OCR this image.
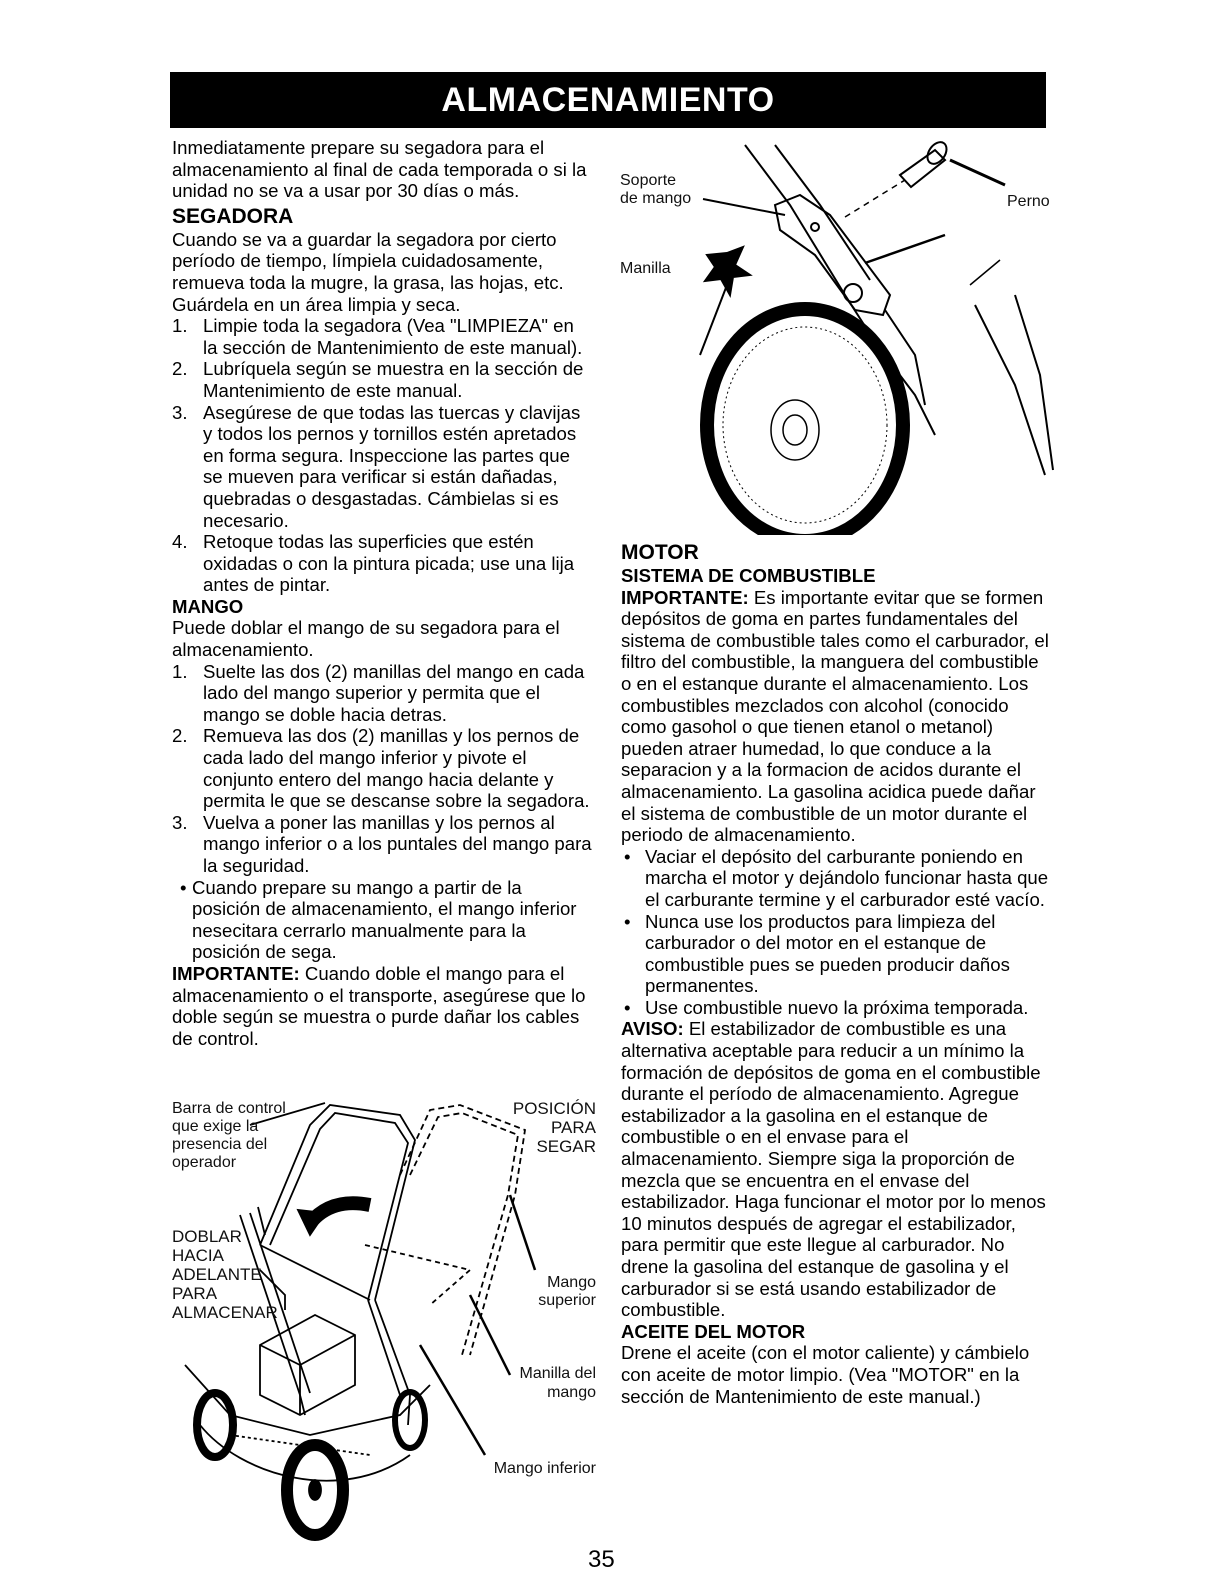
ALMACENAMIENTO

Inmediatamente prepare su segadora para el almacenamiento al final de cada temporada o si la unidad no se va a usar por 30 días o más.

SEGADORA

Cuando se va a guardar la segadora por cierto período de tiempo, límpiela cuidadosamente, remueva toda la mugre, la grasa, las hojas, etc. Guárdela en un área limpia y seca.

1. Limpie toda la segadora (Vea "LIMPIEZA" en la sección de Mantenimiento de este manual).
2. Lubríquela según se muestra en la sección de Mantenimiento de este manual.
3. Asegúrese de que todas las tuercas y clavijas y todos los pernos y tornillos estén apretados en forma segura. Inspeccione las partes que se mueven para verificar si están dañadas, quebradas o desgastadas. Cámbielas si es necesario.
4. Retoque todas las superficies que estén oxidadas o con la pintura picada; use una lija antes de pintar.

MANGO

Puede doblar el mango de su segadora para el almacenamiento.

1. Suelte las dos (2) manillas del mango en cada lado del mango superior y permita que el mango se doble hacia detras.
2. Remueva las dos (2) manillas y los pernos de cada lado del mango inferior y pivote el conjunto entero del mango hacia delante y permita le que se descanse sobre la segadora.
3. Vuelva a poner las manillas y los pernos al mango inferior o a los puntales del mango para la seguridad.
• Cuando prepare su mango a partir de la posición de almacenamiento, el mango inferior nesecitara cerrarlo manualmente para la posición de sega.

IMPORTANTE: Cuando doble el mango para el almacenamiento o el transporte, asegúrese que lo doble según se muestra o purde dañar los cables de control.

Soporte
de mango	Perno
Manilla

MOTOR

SISTEMA DE COMBUSTIBLE

IMPORTANTE: Es importante evitar que se formen depósitos de goma en partes fundamentales del sistema de combustible tales como el carburador, el filtro del combustible, la manguera del combustible o en el estanque durante el almacenamiento. Los combustibles mezclados con alcohol (conocido como gasohol o que tienen etanol o metanol) pueden atraer humedad, lo que conduce a la separacion y a la formacion de acidos durante el almacenamiento. La gasolina acidica puede dañar el sistema de combustible de un motor durante el periodo de almacenamiento.

• Vaciar el depósito del carburante poniendo en marcha el motor y dejándolo funcionar hasta que el carburante termine y el carburador esté vacío.
• Nunca use los productos para limpieza del carburador o del motor en el estanque de combustible pues se pueden producir daños permanentes.
• Use combustible nuevo la próxima temporada.

AVISO: El estabilizador de combustible es una alternativa aceptable para reducir a un mínimo la formación de depósitos de goma en el combustible durante el período de almacenamiento. Agregue estabilizador a la gasolina en el estanque de combustible o en el envase para el almacenamiento. Siempre siga la proporción de mezcla que se encuentra en el envase del estabilizador. Haga funcionar el motor por lo menos 10 minutos después de agregar el estabilizador, para permitir que este llegue al carburador. No drene la gasolina del estanque de gasolina y el carburador si se está usando estabilizador de combustible.

ACEITE DEL MOTOR

Drene el aceite (con el motor caliente) y cámbielo con aceite de motor limpio. (Vea "MOTOR" en la sección de Mantenimiento de este manual.)

Barra de control
que exige la
presencia del
operador
POSICIÓN
PARA
SEGAR
DOBLAR
HACIA
ADELANTE
PARA
ALMACENAR
Mango
superior
Manilla del
mango
Mango inferior
35
